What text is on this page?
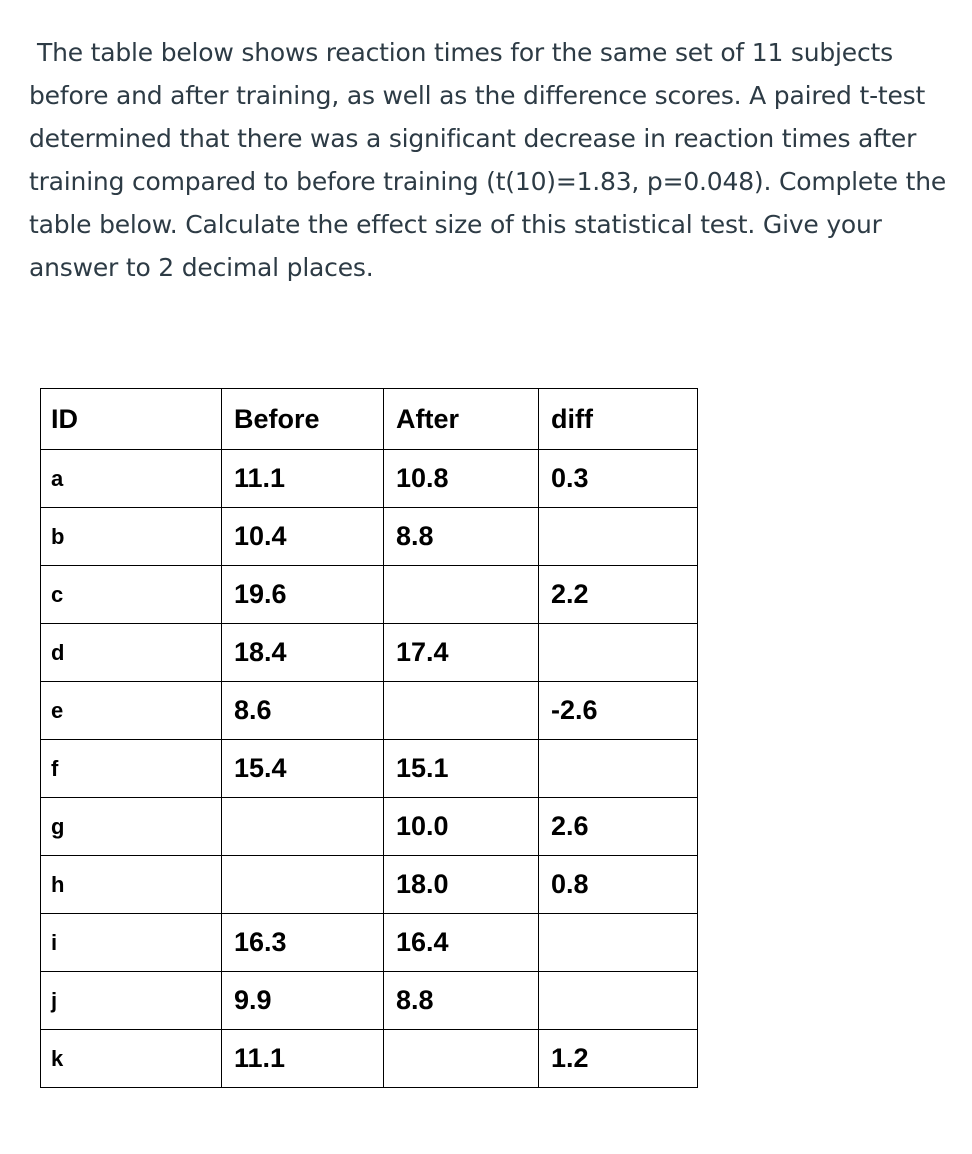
The table below shows reaction times for the same set of 11 subjects before and after training, as well as the difference scores. A paired t-test determined that there was a significant decrease in reaction times after training compared to before training (t(10)=1.83, p=0.048). Complete the table below. Calculate the effect size of this statistical test. Give your answer to 2 decimal places.

ID	Before	After	diff
a	11.1	10.8	0.3
b	10.4	8.8	
c	19.6		2.2
d	18.4	17.4	
e	8.6		-2.6
f	15.4	15.1	
g		10.0	2.6
h		18.0	0.8
i	16.3	16.4	
j	9.9	8.8	
k	11.1		1.2
